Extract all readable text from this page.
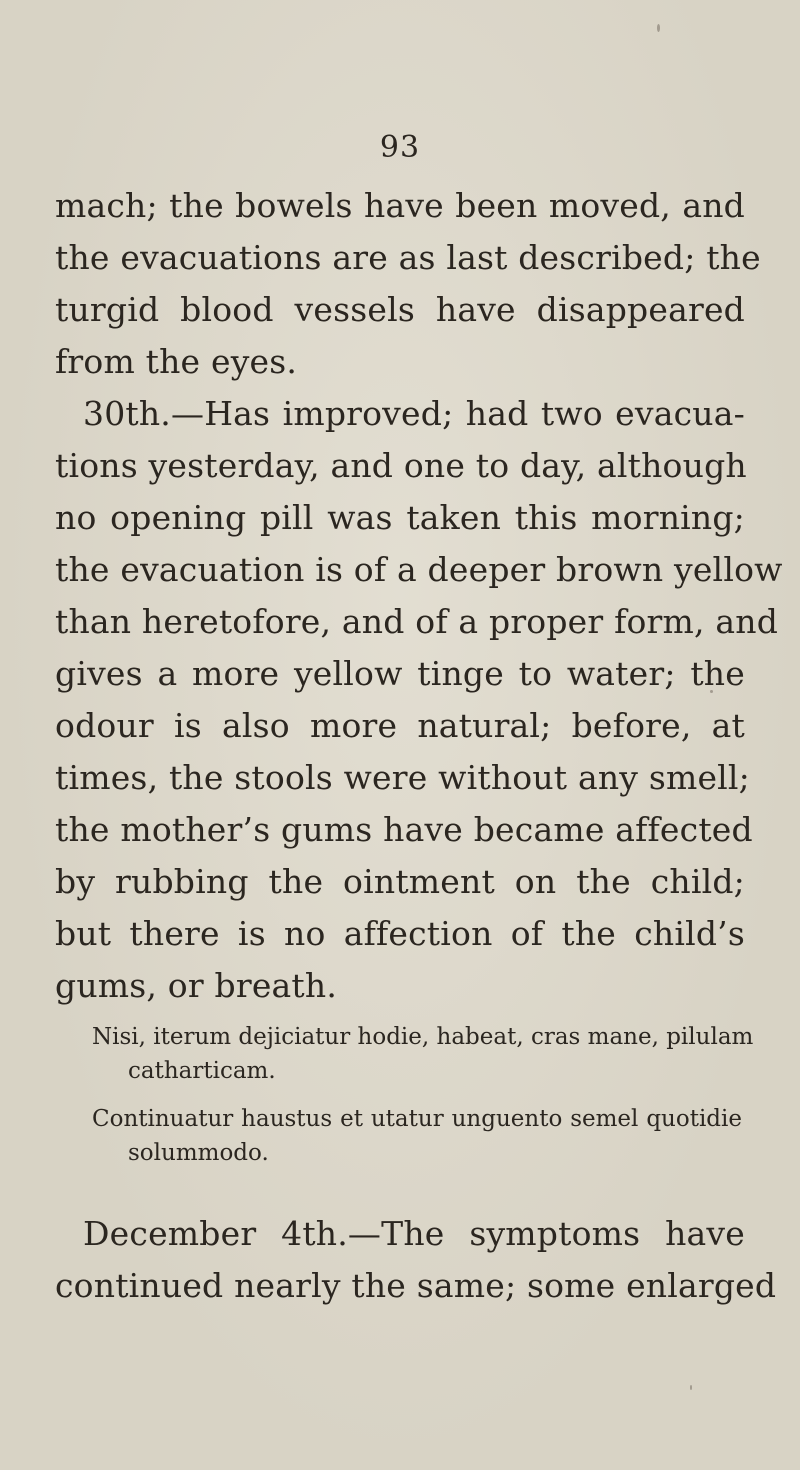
93
mach; the bowels have been moved, and
the evacuations are as last described; the
turgid blood vessels have disappeared
from the eyes.
30th.—Has improved; had two evacua-
tions yesterday, and one to day, although
no opening pill was taken this morning;
the evacuation is of a deeper brown yellow
than heretofore, and of a proper form, and
gives a more yellow tinge to water; the
odour is also more natural; before, at
times, the stools were without any smell;
the mother’s gums have became affected
by rubbing the ointment on the child;
but there is no affection of the child’s
gums, or breath.
Nisi, iterum dejiciatur hodie, habeat, cras mane, pilulam
catharticam.
Continuatur haustus et utatur unguento semel quotidie
solummodo.
December 4th.—The symptoms have
continued nearly the same; some enlarged
